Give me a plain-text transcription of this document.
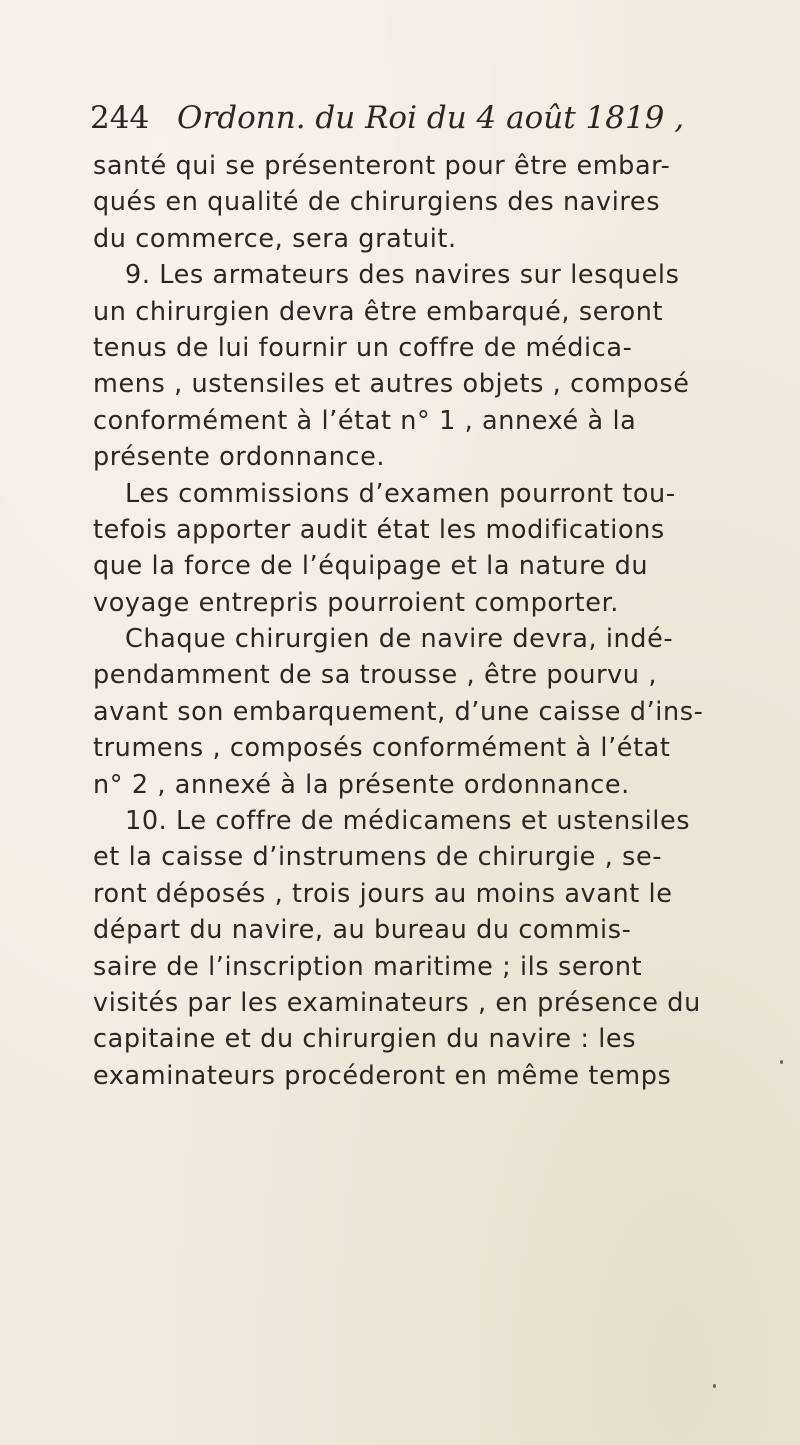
244 Ordonn. du Roi du 4 août 1819 ,
santé qui se présenteront pour être embar-
qués en qualité de chirurgiens des navires
du commerce, sera gratuit.
9. Les armateurs des navires sur lesquels
un chirurgien devra être embarqué, seront
tenus de lui fournir un coffre de médica-
mens , ustensiles et autres objets , composé
conformément à l’état n° 1 , annexé à la
présente ordonnance.
Les commissions d’examen pourront tou-
tefois apporter audit état les modifications
que la force de l’équipage et la nature du
voyage entrepris pourroient comporter.
Chaque chirurgien de navire devra, indé-
pendamment de sa trousse , être pourvu ,
avant son embarquement, d’une caisse d’ins-
trumens , composés conformément à l’état
n° 2 , annexé à la présente ordonnance.
10. Le coffre de médicamens et ustensiles
et la caisse d’instrumens de chirurgie , se-
ront déposés , trois jours au moins avant le
départ du navire, au bureau du commis-
saire de l’inscription maritime ; ils seront
visités par les examinateurs , en présence du
capitaine et du chirurgien du navire : les
examinateurs procéderont en même temps
